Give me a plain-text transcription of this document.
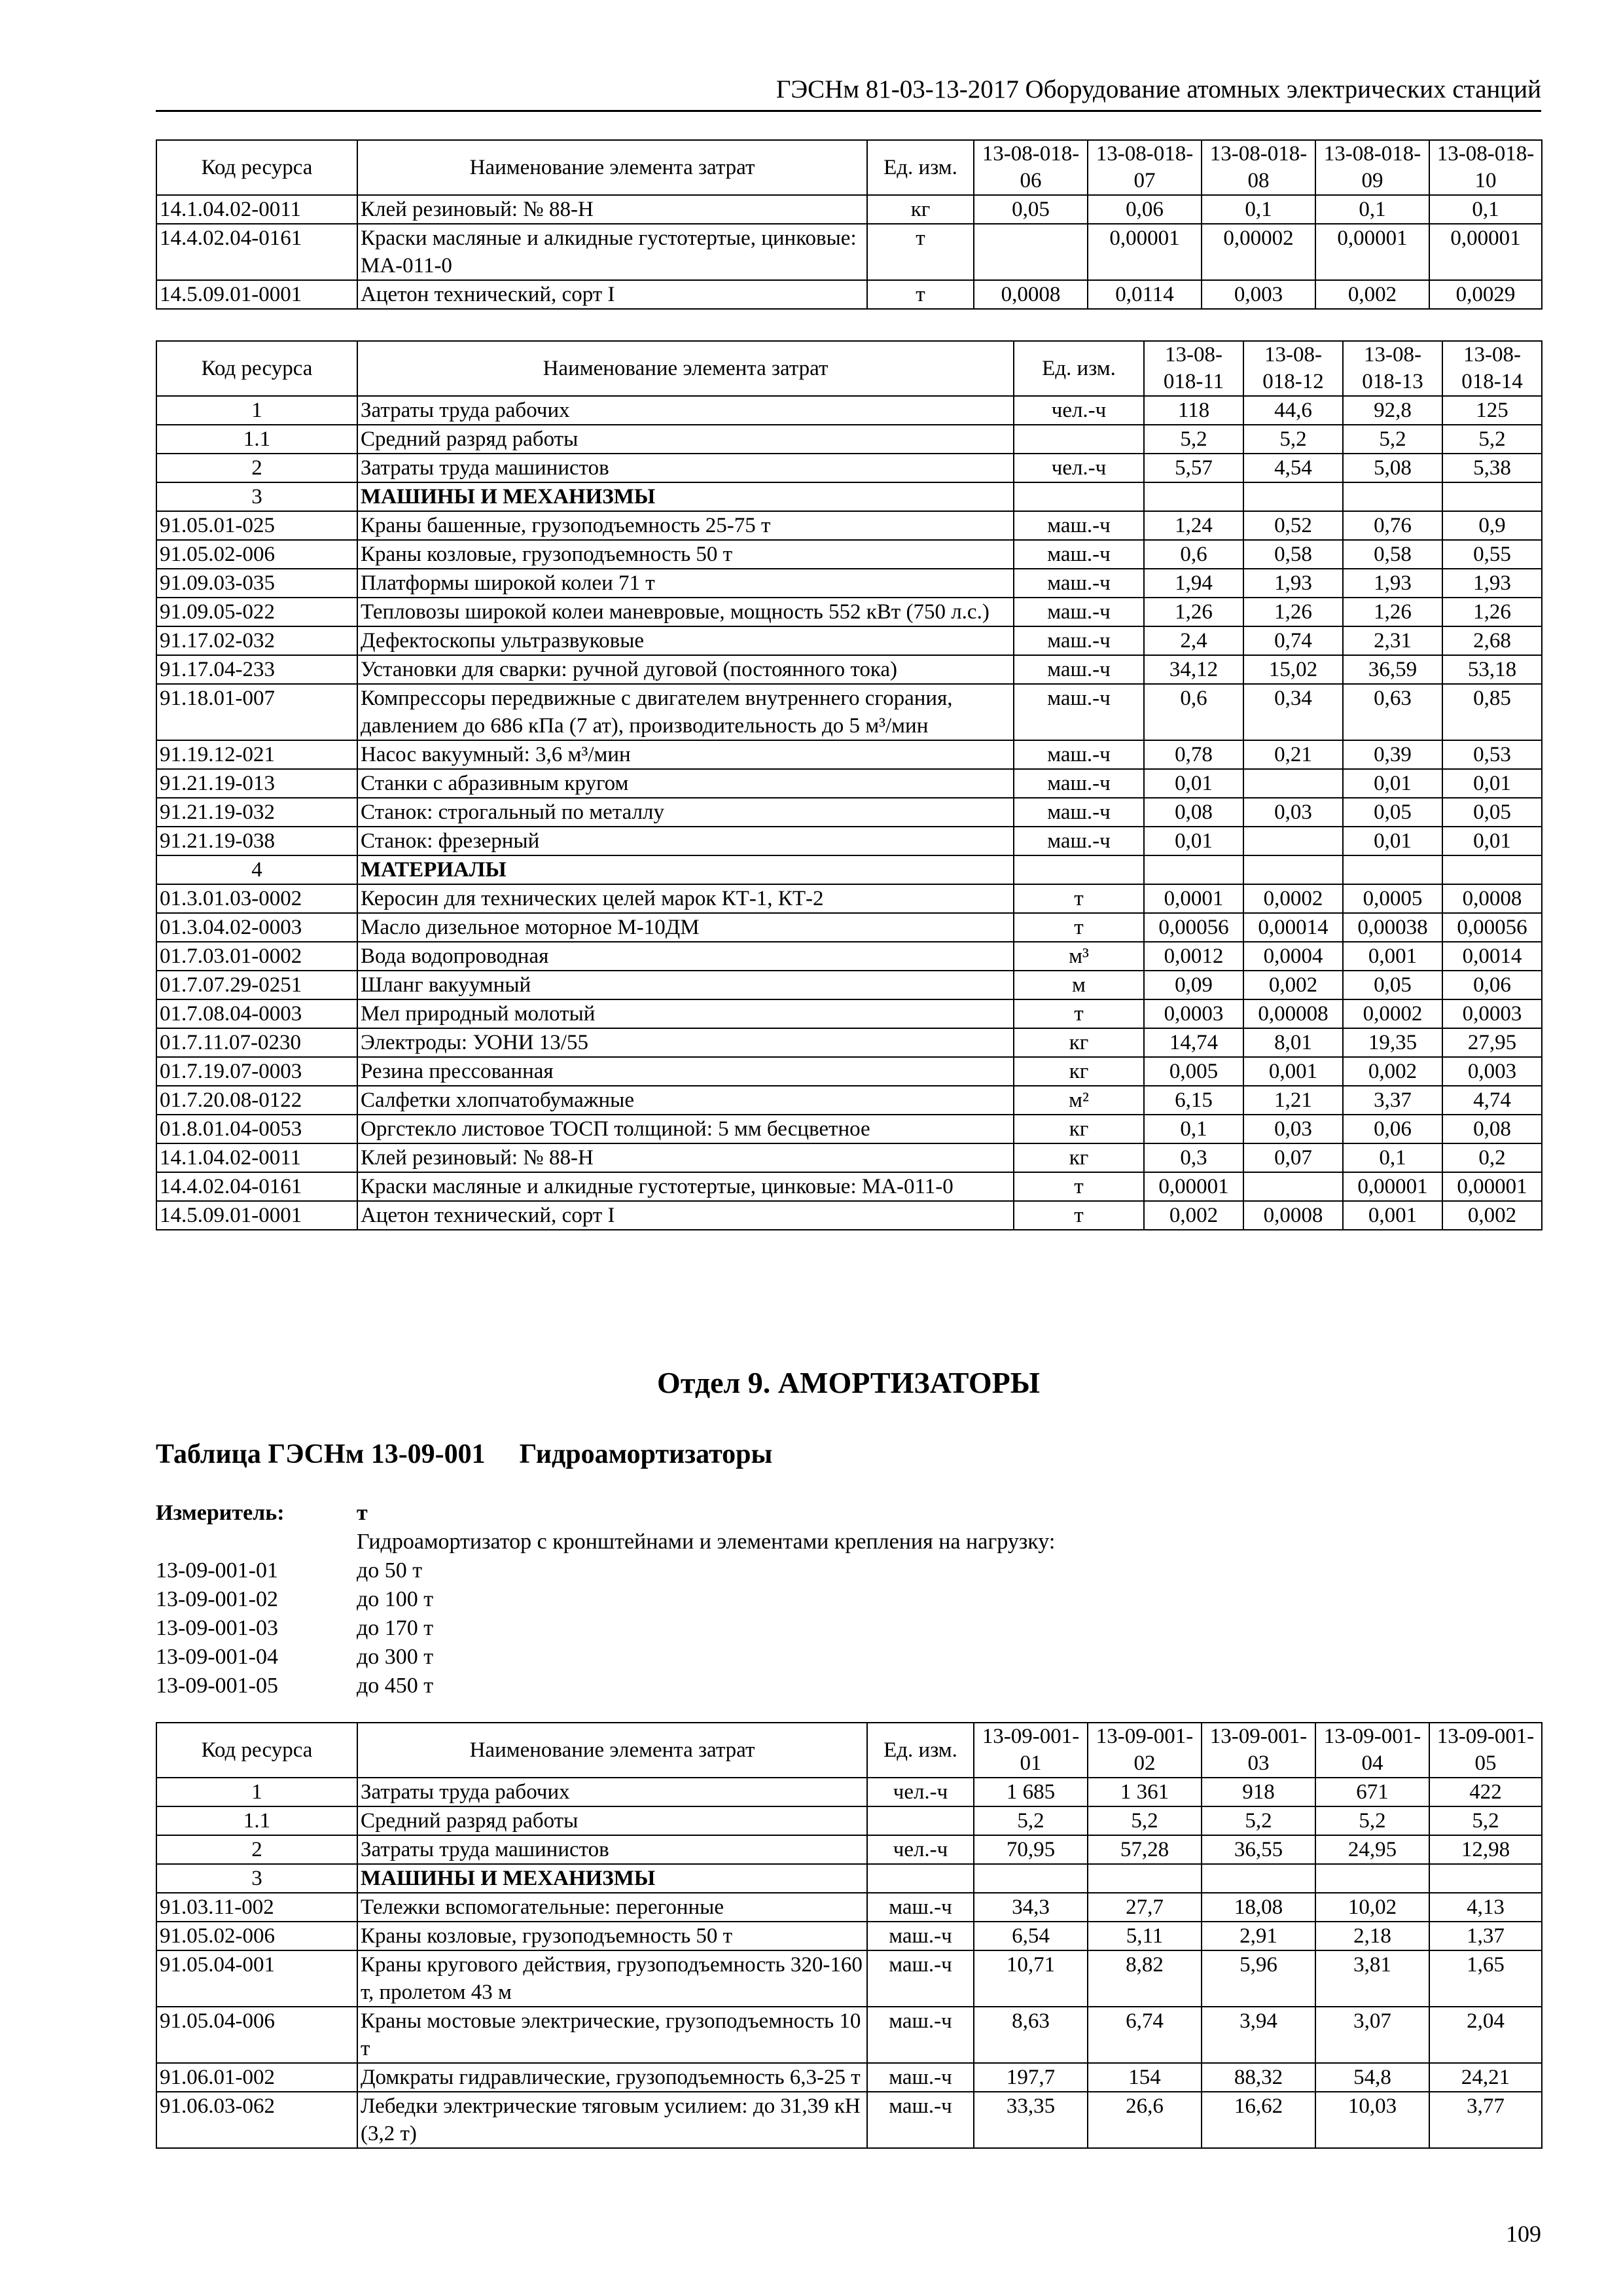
ГЭСНм 81-03-13-2017 Оборудование атомных электрических станций
Код ресурса	Наименование элемента затрат	Ед. изм.	13-08-018-06	13-08-018-07	13-08-018-08	13-08-018-09	13-08-018-10
14.1.04.02-0011	Клей резиновый: № 88-Н	кг	0,05	0,06	0,1	0,1	0,1
14.4.02.04-0161	Краски масляные и алкидные густотертые, цинковые: МА-011-0	т		0,00001	0,00002	0,00001	0,00001
14.5.09.01-0001	Ацетон технический, сорт I	т	0,0008	0,0114	0,003	0,002	0,0029
Код ресурса	Наименование элемента затрат	Ед. изм.	13-08-018-11	13-08-018-12	13-08-018-13	13-08-018-14
1	Затраты труда рабочих	чел.-ч	118	44,6	92,8	125
1.1	Средний разряд работы		5,2	5,2	5,2	5,2
2	Затраты труда машинистов	чел.-ч	5,57	4,54	5,08	5,38
3	МАШИНЫ И МЕХАНИЗМЫ					
91.05.01-025	Краны башенные, грузоподъемность 25-75 т	маш.-ч	1,24	0,52	0,76	0,9
91.05.02-006	Краны козловые, грузоподъемность 50 т	маш.-ч	0,6	0,58	0,58	0,55
91.09.03-035	Платформы широкой колеи 71 т	маш.-ч	1,94	1,93	1,93	1,93
91.09.05-022	Тепловозы широкой колеи маневровые, мощность 552 кВт (750 л.с.)	маш.-ч	1,26	1,26	1,26	1,26
91.17.02-032	Дефектоскопы ультразвуковые	маш.-ч	2,4	0,74	2,31	2,68
91.17.04-233	Установки для сварки: ручной дуговой (постоянного тока)	маш.-ч	34,12	15,02	36,59	53,18
91.18.01-007	Компрессоры передвижные с двигателем внутреннего сгорания, давлением до 686 кПа (7 ат), производительность до 5 м³/мин	маш.-ч	0,6	0,34	0,63	0,85
91.19.12-021	Насос вакуумный: 3,6 м³/мин	маш.-ч	0,78	0,21	0,39	0,53
91.21.19-013	Станки с абразивным кругом	маш.-ч	0,01		0,01	0,01
91.21.19-032	Станок: строгальный по металлу	маш.-ч	0,08	0,03	0,05	0,05
91.21.19-038	Станок: фрезерный	маш.-ч	0,01		0,01	0,01
4	МАТЕРИАЛЫ					
01.3.01.03-0002	Керосин для технических целей марок КТ-1, КТ-2	т	0,0001	0,0002	0,0005	0,0008
01.3.04.02-0003	Масло дизельное моторное М-10ДМ	т	0,00056	0,00014	0,00038	0,00056
01.7.03.01-0002	Вода водопроводная	м³	0,0012	0,0004	0,001	0,0014
01.7.07.29-0251	Шланг вакуумный	м	0,09	0,002	0,05	0,06
01.7.08.04-0003	Мел природный молотый	т	0,0003	0,00008	0,0002	0,0003
01.7.11.07-0230	Электроды: УОНИ 13/55	кг	14,74	8,01	19,35	27,95
01.7.19.07-0003	Резина прессованная	кг	0,005	0,001	0,002	0,003
01.7.20.08-0122	Салфетки хлопчатобумажные	м²	6,15	1,21	3,37	4,74
01.8.01.04-0053	Оргстекло листовое ТОСП толщиной: 5 мм бесцветное	кг	0,1	0,03	0,06	0,08
14.1.04.02-0011	Клей резиновый: № 88-Н	кг	0,3	0,07	0,1	0,2
14.4.02.04-0161	Краски масляные и алкидные густотертые, цинковые: МА-011-0	т	0,00001		0,00001	0,00001
14.5.09.01-0001	Ацетон технический, сорт I	т	0,002	0,0008	0,001	0,002
Отдел 9. АМОРТИЗАТОРЫ
Таблица ГЭСНм 13-09-001 Гидроамортизаторы
Измеритель:	т
Гидроамортизатор с кронштейнами и элементами крепления на нагрузку:
13-09-001-01	до 50 т
13-09-001-02	до 100 т
13-09-001-03	до 170 т
13-09-001-04	до 300 т
13-09-001-05	до 450 т
Код ресурса	Наименование элемента затрат	Ед. изм.	13-09-001-01	13-09-001-02	13-09-001-03	13-09-001-04	13-09-001-05
1	Затраты труда рабочих	чел.-ч	1 685	1 361	918	671	422
1.1	Средний разряд работы		5,2	5,2	5,2	5,2	5,2
2	Затраты труда машинистов	чел.-ч	70,95	57,28	36,55	24,95	12,98
3	МАШИНЫ И МЕХАНИЗМЫ						
91.03.11-002	Тележки вспомогательные: перегонные	маш.-ч	34,3	27,7	18,08	10,02	4,13
91.05.02-006	Краны козловые, грузоподъемность 50 т	маш.-ч	6,54	5,11	2,91	2,18	1,37
91.05.04-001	Краны кругового действия, грузоподъемность 320-160 т, пролетом 43 м	маш.-ч	10,71	8,82	5,96	3,81	1,65
91.05.04-006	Краны мостовые электрические, грузоподъемность 10 т	маш.-ч	8,63	6,74	3,94	3,07	2,04
91.06.01-002	Домкраты гидравлические, грузоподъемность 6,3-25 т	маш.-ч	197,7	154	88,32	54,8	24,21
91.06.03-062	Лебедки электрические тяговым усилием: до 31,39 кН (3,2 т)	маш.-ч	33,35	26,6	16,62	10,03	3,77
109
